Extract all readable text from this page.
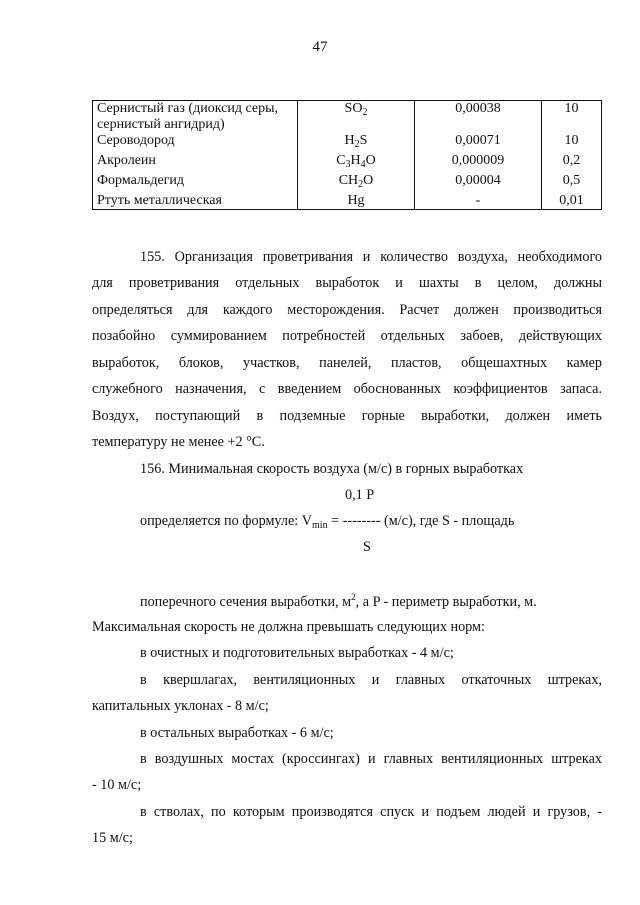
47
Сернистый газ (диоксид серы, сернистый ангидрид)	$SO_2$	0,00038	10
Сероводород	$H_2S$	0,00071	10
Акролеин	$C_3H_4O$	0,000009	0,2
Формальдегид	$CH_2O$	0,00004	0,5
Ртуть металлическая	Hg	-	0,01

155. Организация проветривания и количество воздуха, необходимого

для проветривания отдельных выработок и шахты в целом, должны

определяться для каждого месторождения. Расчет должен производиться

позабойно суммированием потребностей отдельных забоев, действующих

выработок, блоков, участков, панелей, пластов, общешахтных камер

служебного назначения, с введением обоснованных коэффициентов запаса.

Воздух, поступающий в подземные горные выработки, должен иметь

температуру не менее +2 °С.

156. Минимальная скорость воздуха (м/с) в горных выработках

0,1 P

определяется по формуле: $V_{min}$ = -------- (м/с), где S - площадь

S

поперечного сечения выработки, $м^2$, а P - периметр выработки, м.

Максимальная скорость не должна превышать следующих норм:

в очистных и подготовительных выработках - 4 м/с;

в квершлагах, вентиляционных и главных откаточных штреках,

капитальных уклонах - 8 м/с;

в остальных выработках - 6 м/с;

в воздушных мостах (кроссингах) и главных вентиляционных штреках

- 10 м/с;

в стволах, по которым производятся спуск и подъем людей и грузов, -

15 м/с;
